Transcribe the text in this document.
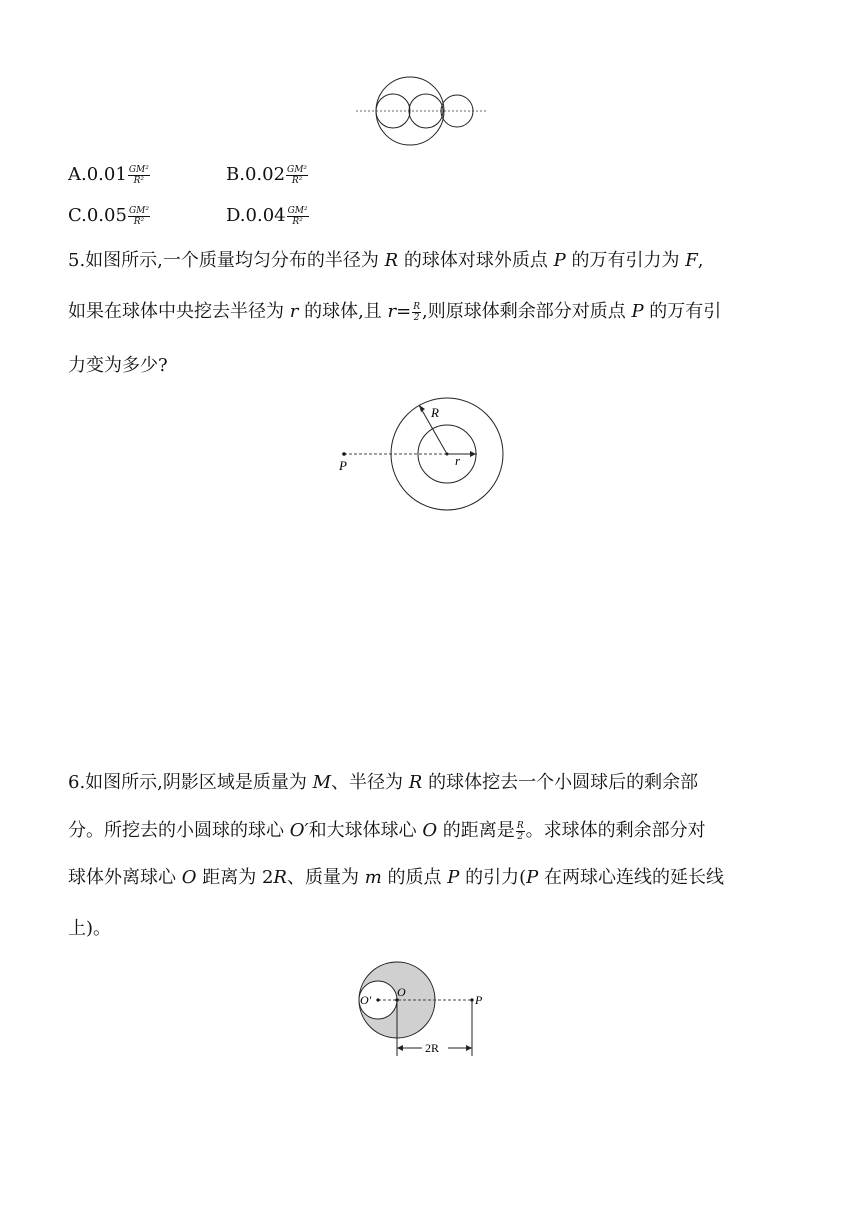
$A.0.01 \frac{\text{GM²}}{\text{R²}}$	$B.0.02 \frac{\text{GM²}}{\text{R²}}$
$C.0.05 \frac{\text{GM²}}{\text{R²}}$	$D.0.04 \frac{\text{GM²}}{\text{R²}}$
5.如图所示,一个质量均匀分布的半径为 R 的球体对球外质点 P 的万有引力为 F,
如果在球体中央挖去半径为 r 的球体,且 $r= \frac{R}{2}$ ,则原球体剩余部分对质点 P 的万有引
力变为多少?
R
r
P
6.如图所示,阴影区域是质量为 M、半径为 R 的球体挖去一个小圆球后的剩余部
分。所挖去的小圆球的球心 O′和大球体球心 O 的距离是 $\frac{R}{2}$ 。求球体的剩余部分对
球体外离球心 O 距离为 2R、质量为 m 的质点 P 的引力(P 在两球心连线的延长线
上)。
O′
O
P
2R
